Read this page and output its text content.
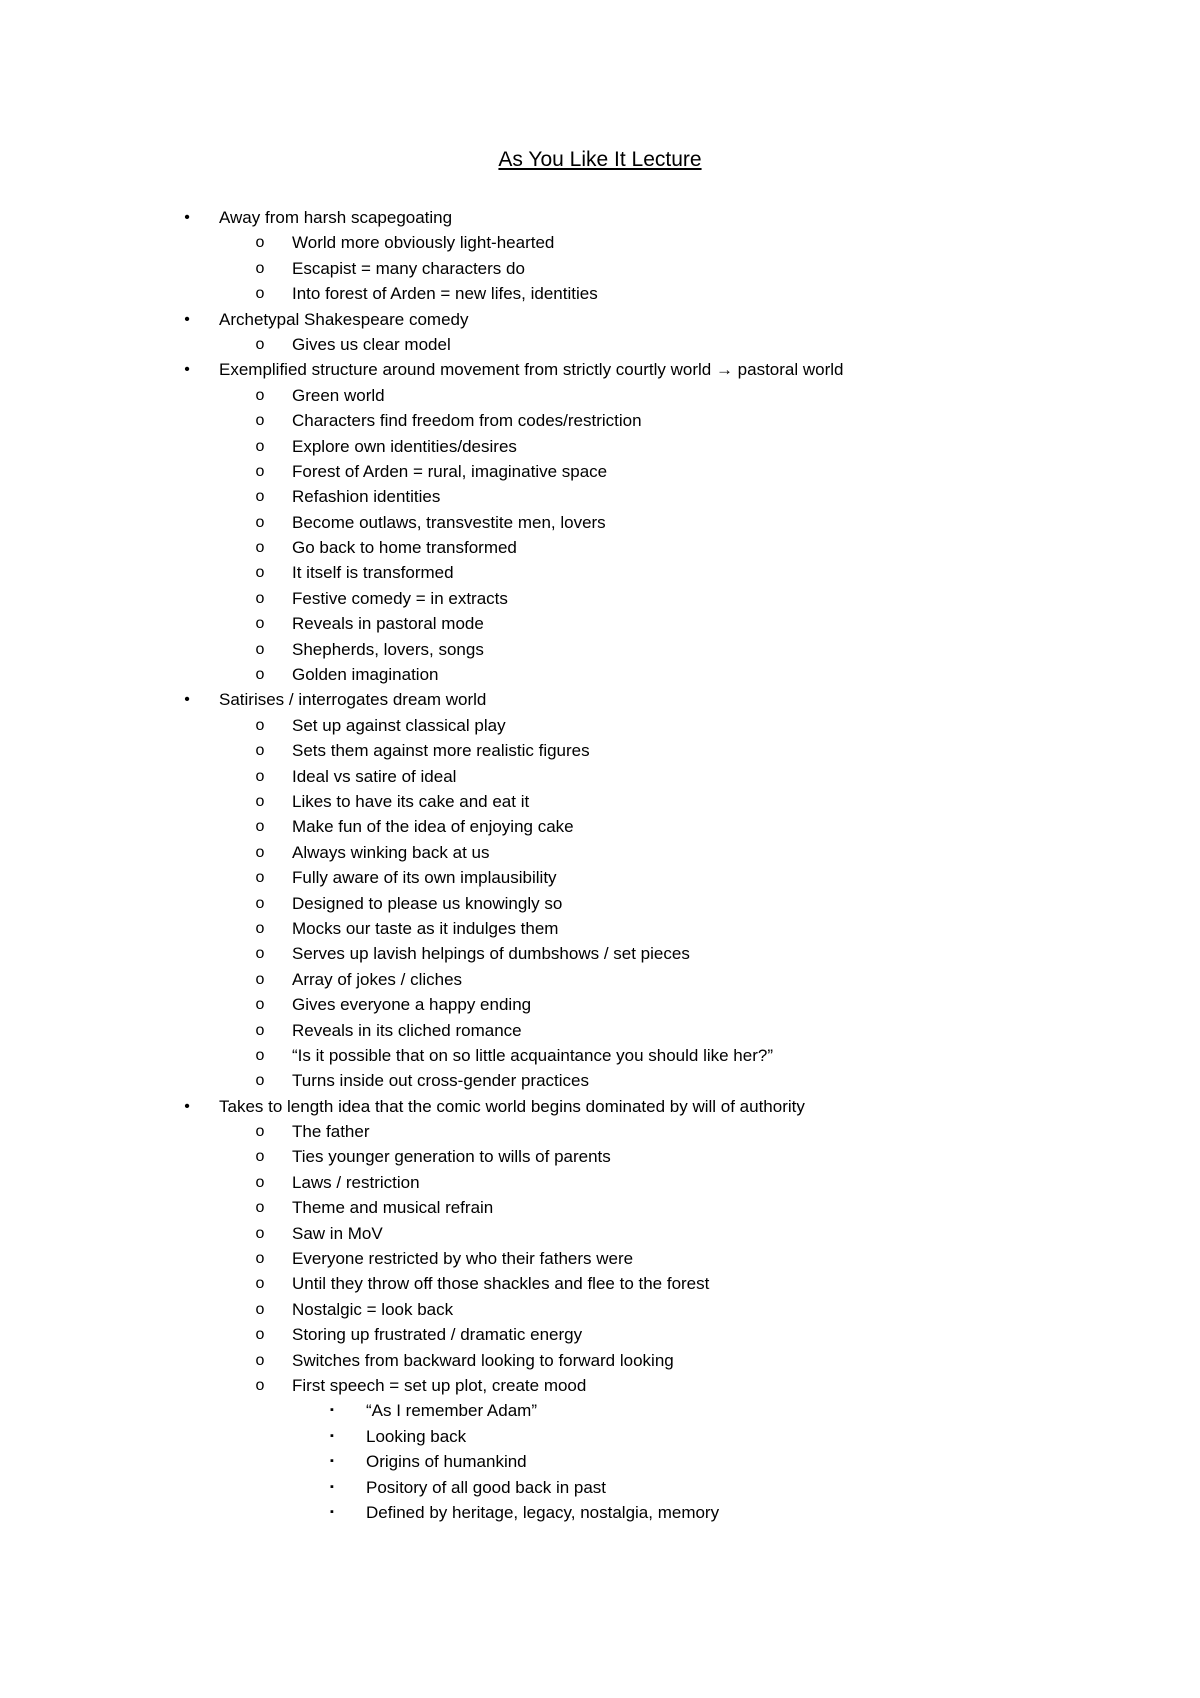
As You Like It Lecture
•	Away from harsh scapegoating
o	World more obviously light-hearted
o	Escapist = many characters do
o	Into forest of Arden = new lifes, identities
•	Archetypal Shakespeare comedy
o	Gives us clear model
•	Exemplified structure around movement from strictly courtly world → pastoral world
o	Green world
o	Characters find freedom from codes/restriction
o	Explore own identities/desires
o	Forest of Arden = rural, imaginative space
o	Refashion identities
o	Become outlaws, transvestite men, lovers
o	Go back to home transformed
o	It itself is transformed
o	Festive comedy = in extracts
o	Reveals in pastoral mode
o	Shepherds, lovers, songs
o	Golden imagination
•	Satirises / interrogates dream world
o	Set up against classical play
o	Sets them against more realistic figures
o	Ideal vs satire of ideal
o	Likes to have its cake and eat it
o	Make fun of the idea of enjoying cake
o	Always winking back at us
o	Fully aware of its own implausibility
o	Designed to please us knowingly so
o	Mocks our taste as it indulges them
o	Serves up lavish helpings of dumbshows / set pieces
o	Array of jokes / cliches
o	Gives everyone a happy ending
o	Reveals in its cliched romance
o	“Is it possible that on so little acquaintance you should like her?”
o	Turns inside out cross-gender practices
•	Takes to length idea that the comic world begins dominated by will of authority
o	The father
o	Ties younger generation to wills of parents
o	Laws / restriction
o	Theme and musical refrain
o	Saw in MoV
o	Everyone restricted by who their fathers were
o	Until they throw off those shackles and flee to the forest
o	Nostalgic = look back
o	Storing up frustrated / dramatic energy
o	Switches from backward looking to forward looking
o	First speech = set up plot, create mood
▪	“As I remember Adam”
▪	Looking back
▪	Origins of humankind
▪	Pository of all good back in past
▪	Defined by heritage, legacy, nostalgia, memory
